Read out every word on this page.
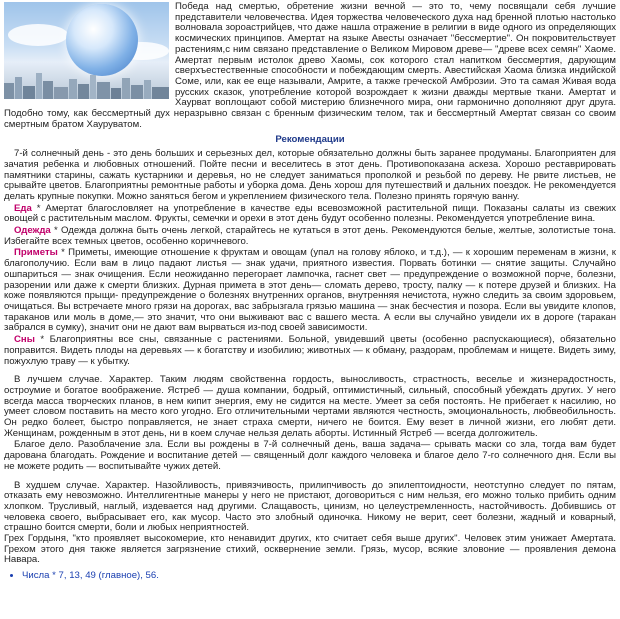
Победа над смертью, обретение жизни вечной — это то, чему посвящали себя лучшие представители человечества. Идея торжества человеческого духа над бренной плотью настолько волновала зороастрийцев, что даже нашла отражение в религии в виде одного из определяющих космических принципов. Амертат на языке Авесты означает "бессмертие". Он покровительствует растениям,с ним связано представление о Великом Мировом древе— "древе всех семян" Хаоме. Амертат первым истолок древо Хаомы, сок которого стал напитком бессмертия, дарующим сверхъестественные способности и побеждающим смерть. Авестийская Хаома близка индийской Соме, или, как ее еще называли, Амрите, а также греческой Амброзии. Это та самая Живая вода русских сказок, употребление которой возрождает к жизни дважды мертвые ткани. Амертат и Хаурват воплощают собой мистерию близнечного мира, они гармонично дополняют друг друга. Подобно тому, как бессмертный дух неразрывно связан с бренным физическим телом, так и бессмертный Амертат связан со своим смертным братом Хауруватом.

Рекомендации

7-й солнечный день - это день больших и серьезных дел, которые обязательно должны быть заранее продуманы. Благоприятен для зачатия ребенка и любовных отношений. Пойте песни и веселитесь в этот день. Противопоказана аскеза. Хорошо реставрировать памятники старины, сажать кустарники и деревья, но не следует заниматься прополкой и резьбой по дереву. Не рвите листьев, не срывайте цветов. Благоприятны ремонтные работы и уборка дома. День хорош для путешествий и дальних поездок. Не рекомендуется делать крупные покупки. Можно заняться бегом и укреплением физического тела. Полезно принять горячую ванну.

Еда * Амертат благословляет на употребление в качестве еды всевозможной растительной пищи. Показаны салаты из свежих овощей с растительным маслом. Фрукты, семечки и орехи в этот день будут особенно полезны. Рекомендуется употребление вина.

Одежда * Одежда должна быть очень легкой, старайтесь не кутаться в этот день. Рекомендуются белые, желтые, золотистые тона. Избегайте всех темных цветов, особенно коричневого.

Приметы * Приметы, имеющие отношение к фруктам и овощам (упал на голову яблоко, и т.д.), — к хорошим переменам в жизни, к благополучию. Если вам в лицо падают листья — знак удачи, приятного известия. Порвать ботинки — снятие защиты. Случайно ошпариться — знак очищения. Если неожиданно перегорает лампочка, гаснет свет — предупреждение о возможной порче, болезни, разорении или даже к смерти близких. Дурная примета в этот день— сломать дерево, тросту, палку — к потере друзей и близких. На коже появляются прыщи- предупреждение о болезнях внутренних органов, внутренняя нечистота, нужно следить за своим здоровьем, очищаться. Вы встречаете много грязи на дорогах, вас забрызгала грязью машина — знак бесчестия и позора. Если вы увидите клопов, тараканов или моль в доме,— это значит, что они выживают вас с вашего места. А если вы случайно увидели их в дороге (таракан забрался в сумку), значит они не дают вам вырваться из-под своей зависимости.

Сны * Благоприятны все сны, связанные с растениями. Больной, увидевший цветы (особенно распускающиеся), обязательно поправится. Видеть плоды на деревьях — к богатству и изобилию; животных — к обману, раздорам, проблемам и нищете. Видеть зиму, пожухлую траву — к убытку.

В лучшем случае. Характер. Таким людям свойственна гордость, выносливость, страстность, веселье и жизнерадостность, остроумие и богатое воображение. Ястреб — душа компании, бодрый, оптимистичный, сильный, способный убеждать других. У него всегда масса творческих планов, в нем кипит энергия, ему не сидится на месте. Умеет за себя постоять. Не прибегает к насилию, но умеет словом поставить на место кого угодно. Его отличительными чертами являются честность, эмоциональность, любвеобильность. Он редко болеет, быстро поправляется, не знает страха смерти, ничего не боится. Ему везет в личной жизни, его любят дети. Женщинам, рожденным в этот день, ни в коем случае нельзя делать аборты. Истинный Ястреб — всегда долгожитель.

Благое дело. Разоблачение зла. Если вы рождены в 7-й солнечный день, ваша задача— срывать маски со зла, тогда вам будет дарована благодать. Рождение и воспитание детей — священный долг каждого человека и благое дело 7-го солнечного дня. Если вы не можете родить — воспитывайте чужих детей.

В худшем случае. Характер. Назойливость, привязчивость, прилипчивость до эпилептоидности, неотступно следует по пятам, отказать ему невозможно. Интеллигентные манеры у него не пристают, договориться с ним нельзя, его можно только прибить одним хлопком. Трусливый, наглый, издевается над другими. Слащавость, цинизм, но целеустремленность, настойчивость. Добившись от человека своего, выбрасывает его, как мусор. Часто это злобный одиночка. Никому не верит, сеет болезни, жадный и коварный, страшно боится смерти, боли и любых неприятностей.

Грех Гордыня, "кто проявляет высокомерие, кто ненавидит других, кто считает себя выше других". Человек этим унижает Амертата. Грехом этого дня также является загрязнение стихий, осквернение земли. Грязь, мусор, всякие зловоние — проявления демона Навара.

• Числа * 7, 13, 49 (главное), 56.
